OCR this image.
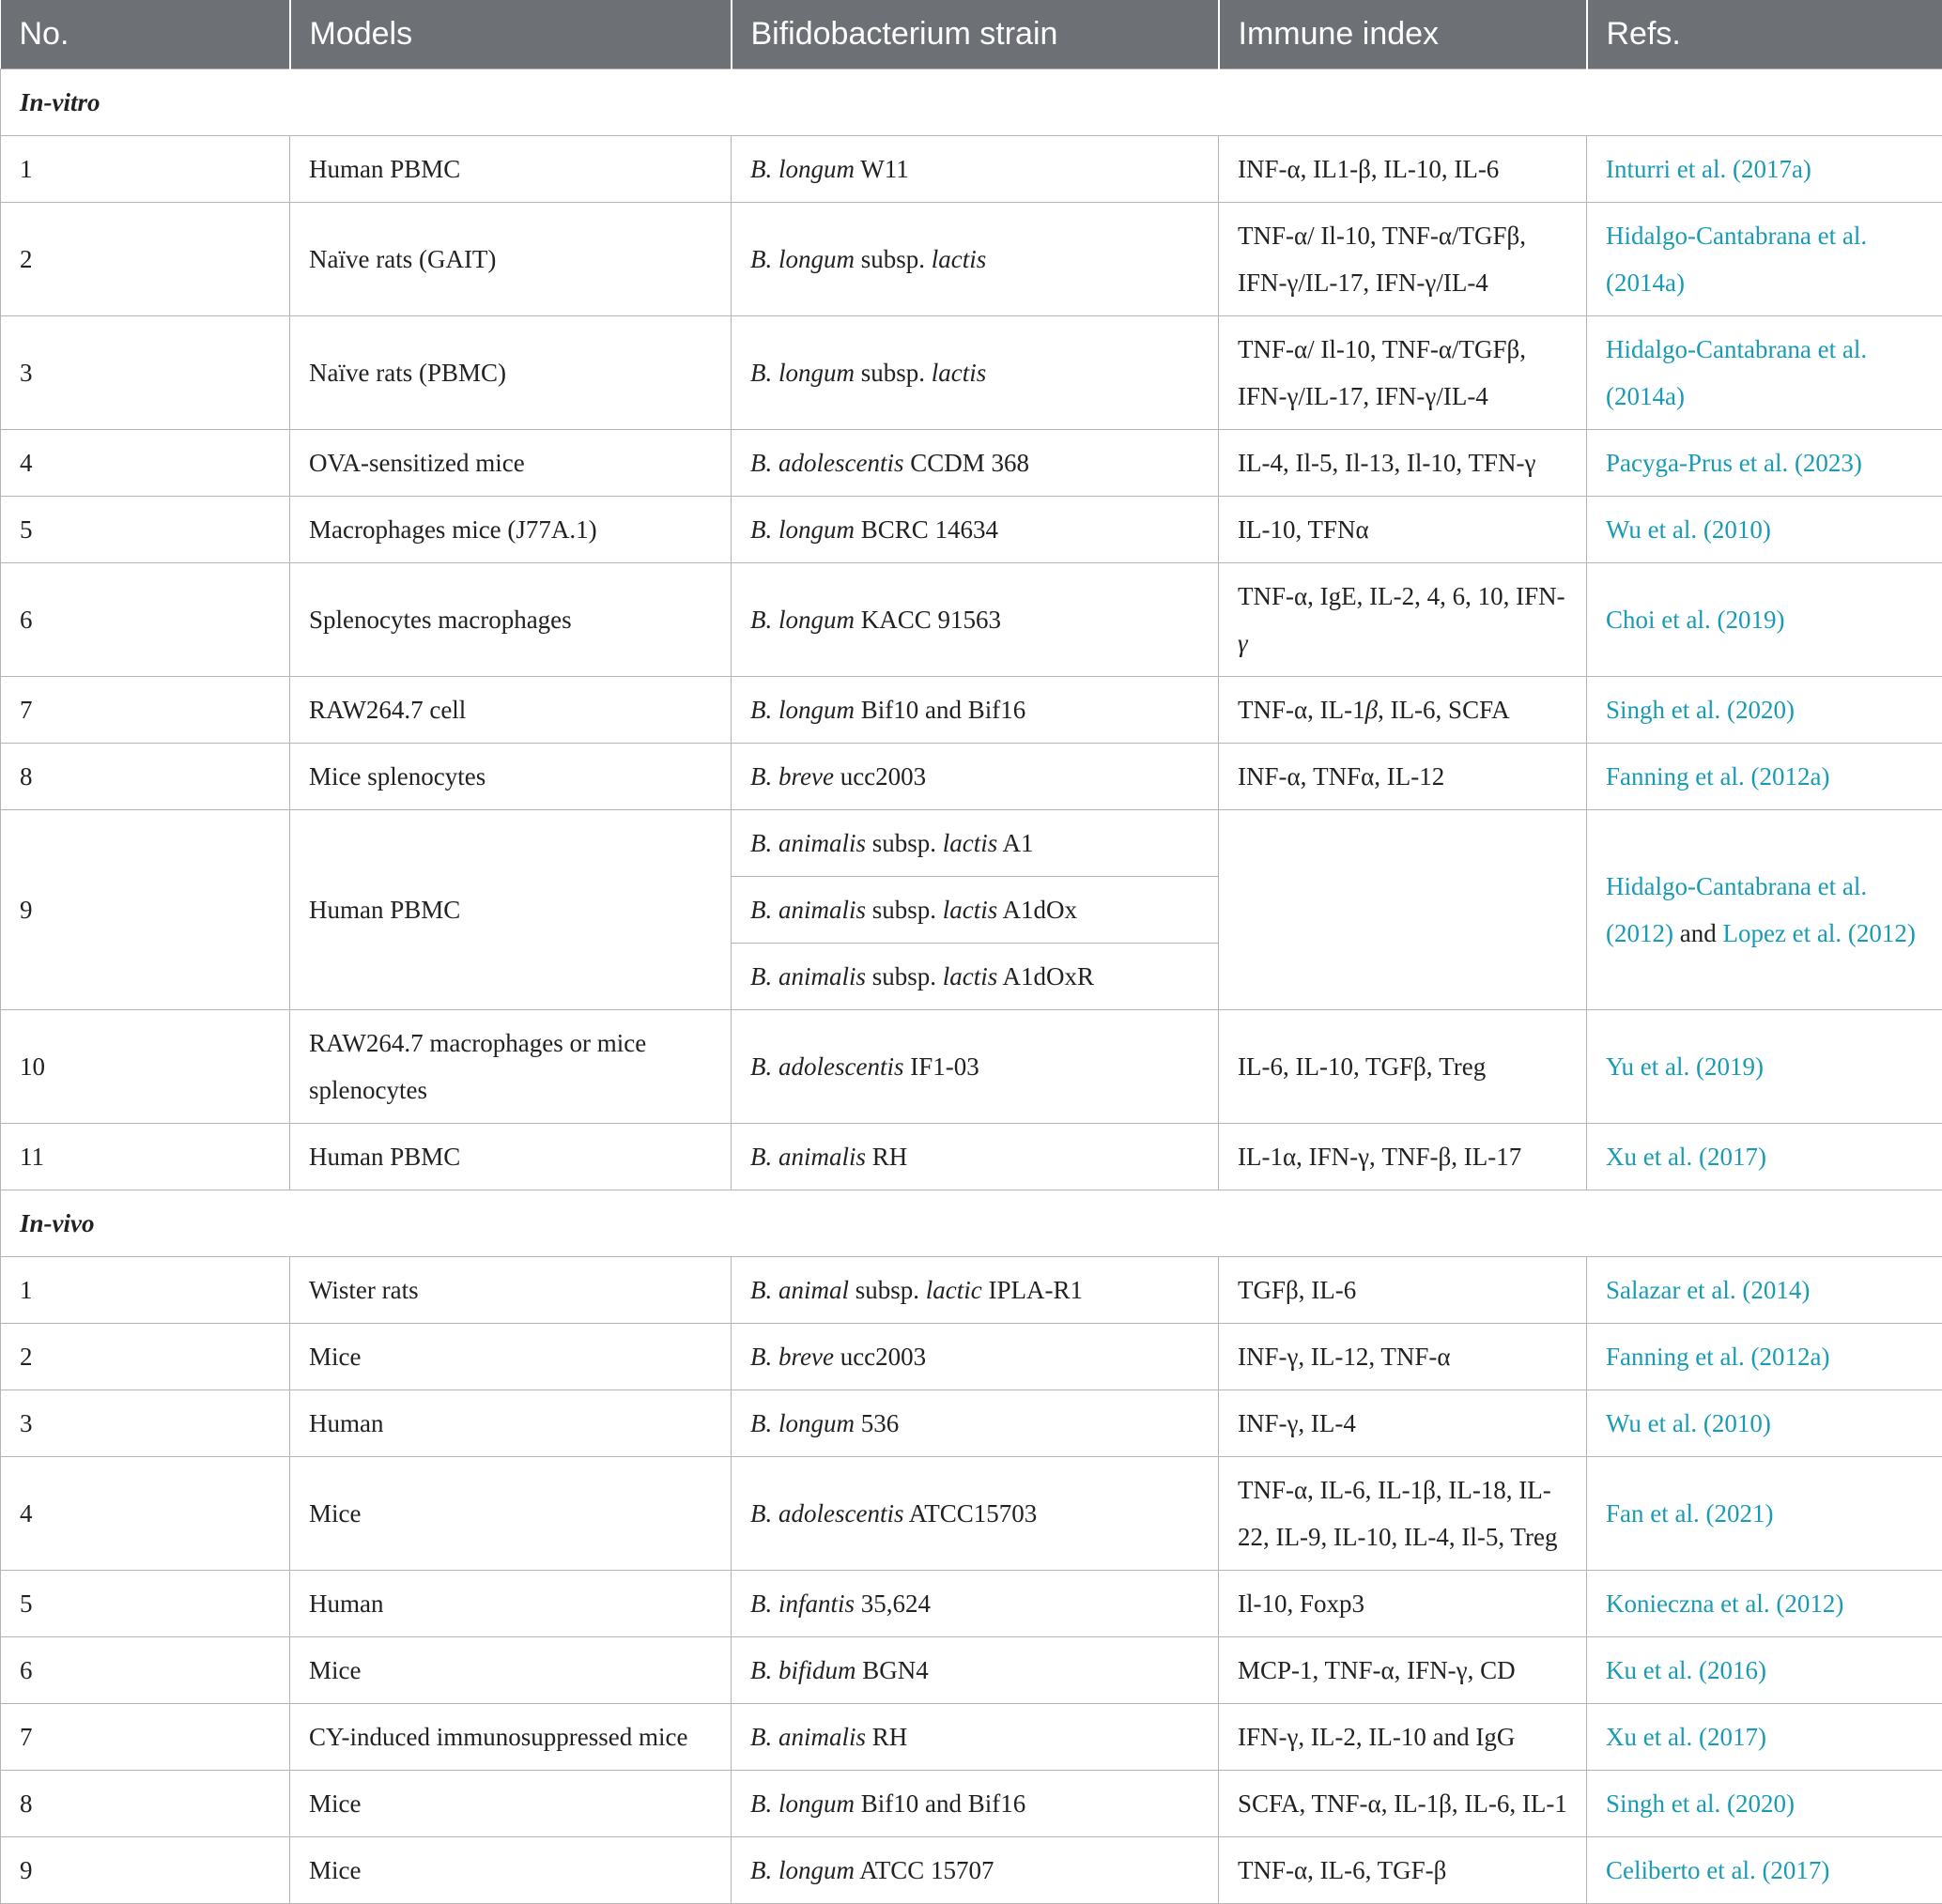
No.	Models	Bifidobacterium strain	Immune index	Refs.
In-vitro				
1	Human PBMC	B. longum W11	INF-α, IL1-β, IL-10, IL-6	Inturri et al. (2017a)
2	Naïve rats (GAIT)	B. longum subsp. lactis	TNF-α/ Il-10, TNF-α/TGFβ, IFN-γ/IL-17, IFN-γ/IL-4	Hidalgo-Cantabrana et al. (2014a)
3	Naïve rats (PBMC)	B. longum subsp. lactis	TNF-α/ Il-10, TNF-α/TGFβ, IFN-γ/IL-17, IFN-γ/IL-4	Hidalgo-Cantabrana et al. (2014a)
4	OVA-sensitized mice	B. adolescentis CCDM 368	IL-4, Il-5, Il-13, Il-10, TFN-γ	Pacyga-Prus et al. (2023)
5	Macrophages mice (J77A.1)	B. longum BCRC 14634	IL-10, TFNα	Wu et al. (2010)
6	Splenocytes macrophages	B. longum KACC 91563	TNF-α, IgE, IL-2, 4, 6, 10, IFN-γ	Choi et al. (2019)
7	RAW264.7 cell	B. longum Bif10 and Bif16	TNF-α, IL-1β, IL-6, SCFA	Singh et al. (2020)
8	Mice splenocytes	B. breve ucc2003	INF-α, TNFα, IL-12	Fanning et al. (2012a)
9	Human PBMC	B. animalis subsp. lactis A1		Hidalgo-Cantabrana et al. (2012) and Lopez et al. (2012)
		B. animalis subsp. lactis A1dOx		
		B. animalis subsp. lactis A1dOxR		
10	RAW264.7 macrophages or mice splenocytes	B. adolescentis IF1-03	IL-6, IL-10, TGFβ, Treg	Yu et al. (2019)
11	Human PBMC	B. animalis RH	IL-1α, IFN-γ, TNF-β, IL-17	Xu et al. (2017)
In-vivo				
1	Wister rats	B. animal subsp. lactic IPLA-R1	TGFβ, IL-6	Salazar et al. (2014)
2	Mice	B. breve ucc2003	INF-γ, IL-12, TNF-α	Fanning et al. (2012a)
3	Human	B. longum 536	INF-γ, IL-4	Wu et al. (2010)
4	Mice	B. adolescentis ATCC15703	TNF-α, IL-6, IL-1β, IL-18, IL-22, IL-9, IL-10, IL-4, Il-5, Treg	Fan et al. (2021)
5	Human	B. infantis 35,624	Il-10, Foxp3	Konieczna et al. (2012)
6	Mice	B. bifidum BGN4	MCP-1, TNF-α, IFN-γ, CD	Ku et al. (2016)
7	CY-induced immunosuppressed mice	B. animalis RH	IFN-γ, IL-2, IL-10 and IgG	Xu et al. (2017)
8	Mice	B. longum Bif10 and Bif16	SCFA, TNF-α, IL-1β, IL-6, IL-1	Singh et al. (2020)
9	Mice	B. longum ATCC 15707	TNF-α, IL-6, TGF-β	Celiberto et al. (2017)
